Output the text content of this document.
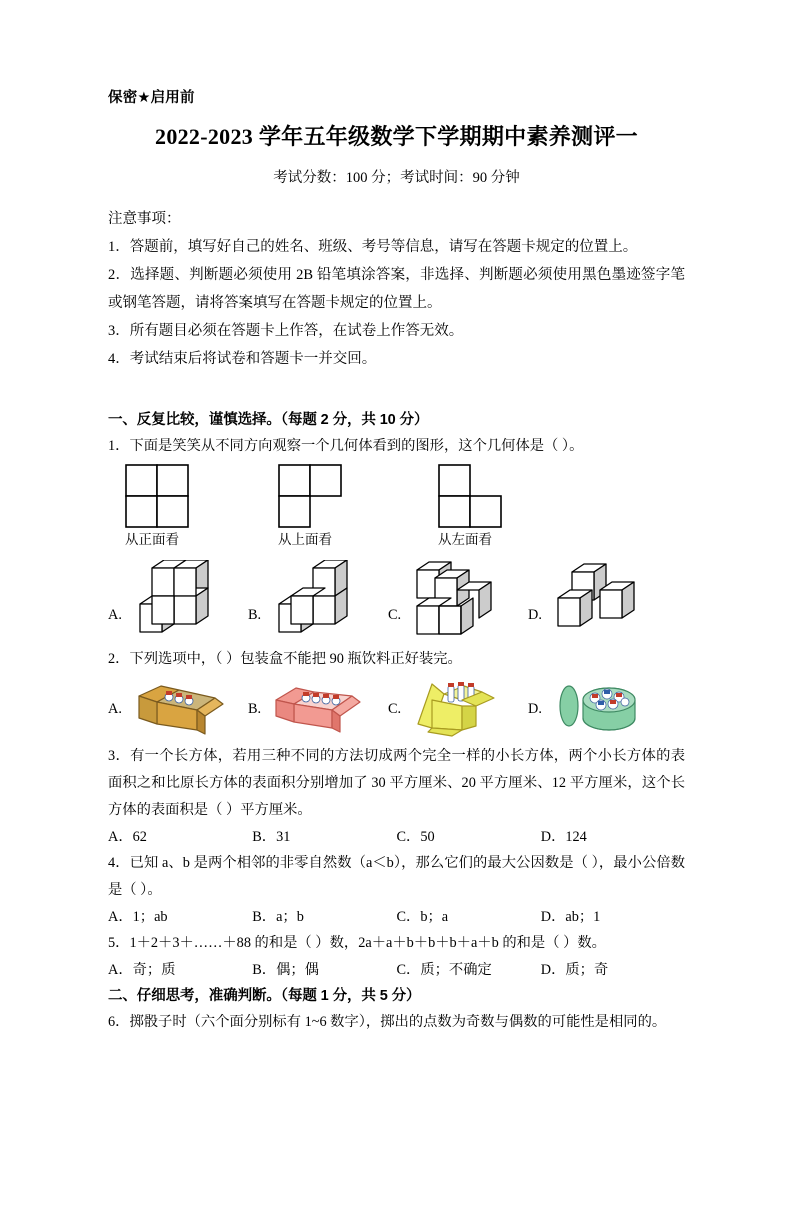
保密★启用前
2022-2023 学年五年级数学下学期期中素养测评一
考试分数：100 分；考试时间：90 分钟
注意事项：
1．答题前，填写好自己的姓名、班级、考号等信息，请写在答题卡规定的位置上。
2．选择题、判断题必须使用 2B 铅笔填涂答案，非选择、判断题必须使用黑色墨迹签字笔或钢笔答题，请将答案填写在答题卡规定的位置上。
3．所有题目必须在答题卡上作答，在试卷上作答无效。
4．考试结束后将试卷和答题卡一并交回。
一、反复比较，谨慎选择。（每题 2 分，共 10 分）
1．下面是笑笑从不同方向观察一个几何体看到的图形，这个几何体是（ ）。
从正面看	从上面看	从左面看
A.	B.	C.	D.
2．下列选项中，（ ）包装盒不能把 90 瓶饮料正好装完。
A.	B.	C.	D.
3．有一个长方体，若用三种不同的方法切成两个完全一样的小长方体，两个小长方体的表面积之和比原长方体的表面积分别增加了 30 平方厘米、20 平方厘米、12 平方厘米，这个长方体的表面积是（ ）平方厘米。
A．62	B．31	C．50	D．124
4．已知 a、b 是两个相邻的非零自然数（a＜b），那么它们的最大公因数是（ ），最小公倍数是（ ）。
A．1；ab	B．a；b	C．b；a	D．ab；1
5．1＋2＋3＋……＋88 的和是（ ）数，2a＋a＋b＋b＋b＋a＋b 的和是（ ）数。
A．奇；质	B．偶；偶	C．质；不确定	D．质；奇
二、仔细思考，准确判断。（每题 1 分，共 5 分）
6．掷骰子时（六个面分别标有 1~6 数字），掷出的点数为奇数与偶数的可能性是相同的。
